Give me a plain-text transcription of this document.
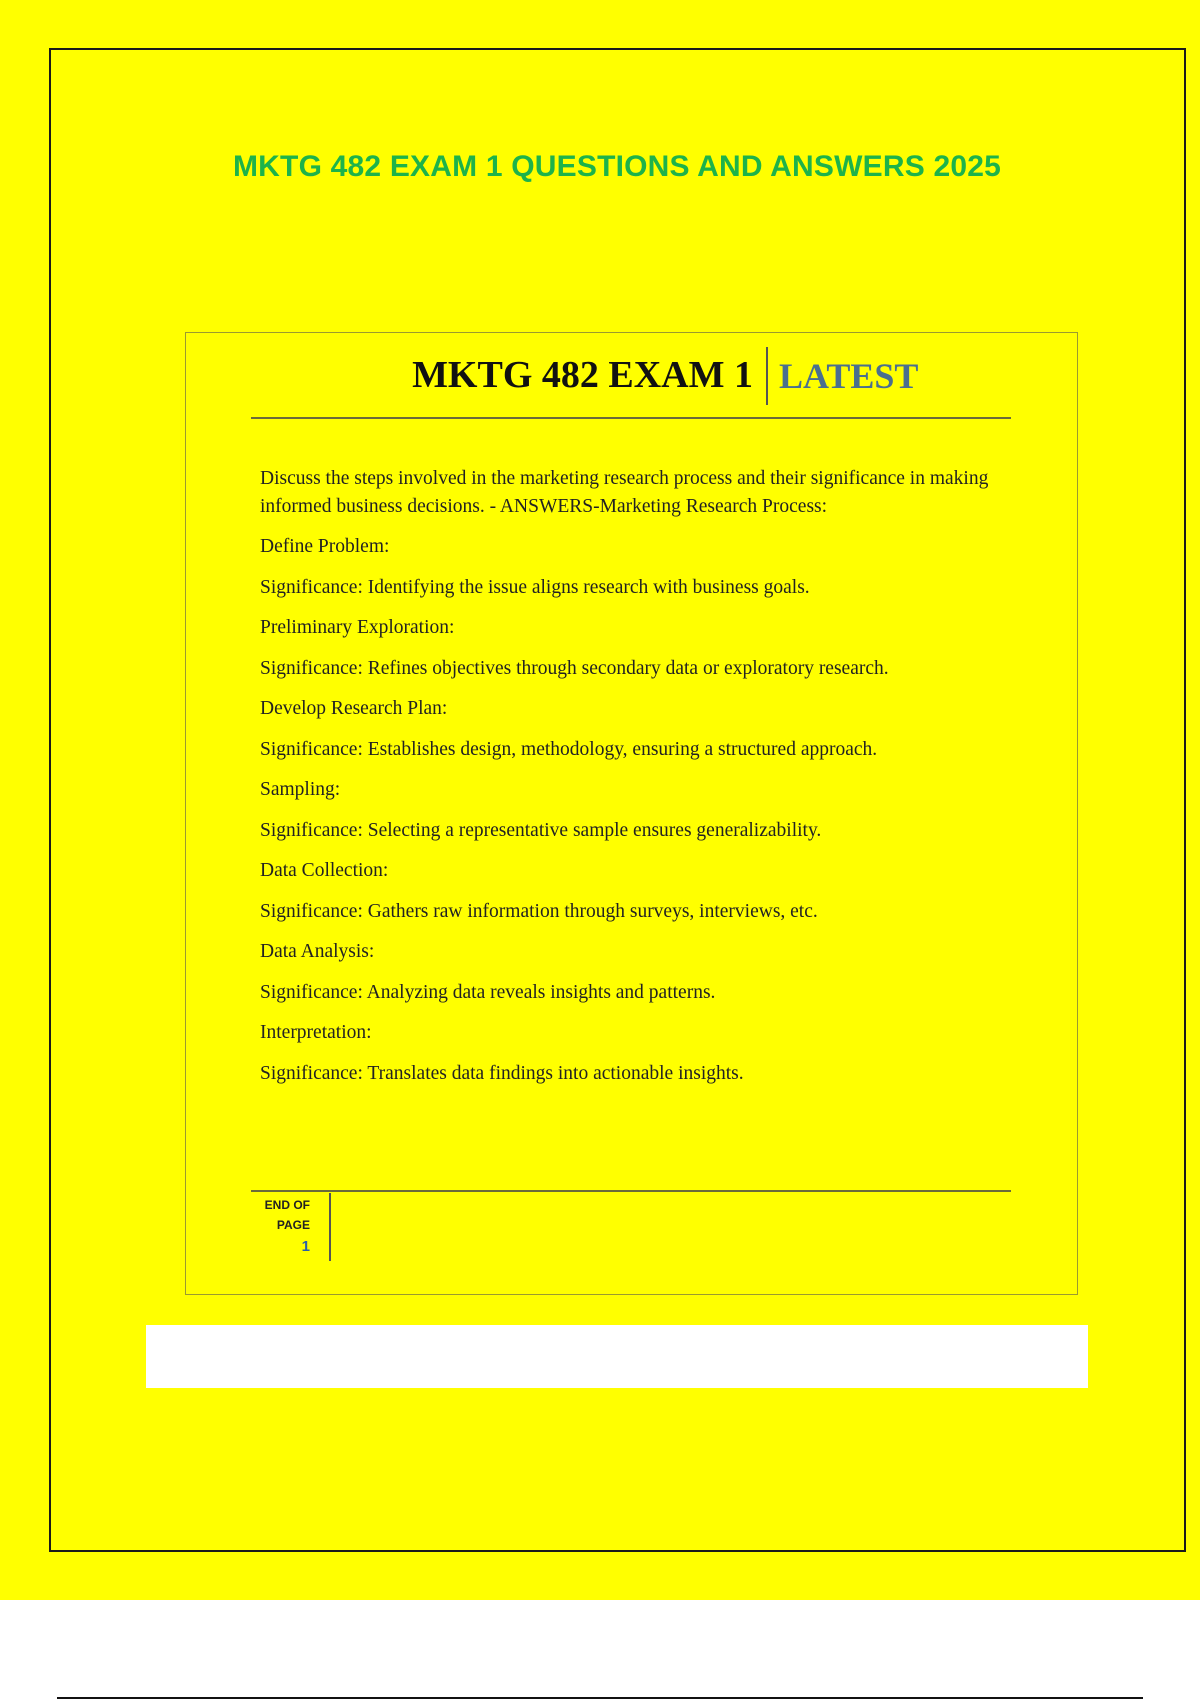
MKTG 482 EXAM 1 QUESTIONS AND ANSWERS 2025
MKTG 482 EXAM 1 LATEST

Discuss the steps involved in the marketing research process and their significance in making informed business decisions. - ANSWERS-Marketing Research Process:

Define Problem:

Significance: Identifying the issue aligns research with business goals.

Preliminary Exploration:

Significance: Refines objectives through secondary data or exploratory research.

Develop Research Plan:

Significance: Establishes design, methodology, ensuring a structured approach.

Sampling:

Significance: Selecting a representative sample ensures generalizability.

Data Collection:

Significance: Gathers raw information through surveys, interviews, etc.

Data Analysis:

Significance: Analyzing data reveals insights and patterns.

Interpretation:

Significance: Translates data findings into actionable insights.

END OF
PAGE
1
